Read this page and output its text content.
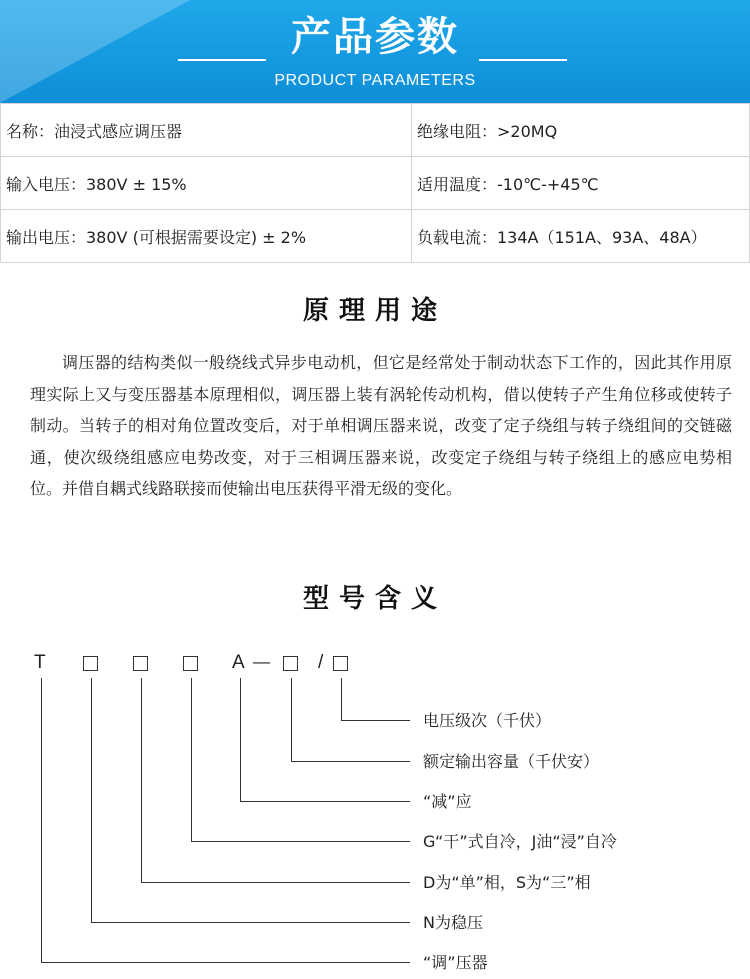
产品参数
PRODUCT PARAMETERS
名称：油浸式感应调压器	绝缘电阻：>20MQ
输入电压：380V ± 15%	适用温度：-10℃-+45℃
输出电压：380V (可根据需要设定) ± 2%	负载电流：134A（151A、93A、48A）
原理用途

调压器的结构类似一般绕线式异步电动机，但它是经常处于制动状态下工作的，因此其作用原理实际上又与变压器基本原理相似，调压器上装有涡轮传动机构，借以使转子产生角位移或使转子制动。当转子的相对角位置改变后，对于单相调压器来说，改变了定子绕组与转子绕组间的交链磁通，使次级绕组感应电势改变，对于三相调压器来说，改变定子绕组与转子绕组上的感应电势相位。并借自耦式线路联接而使输出电压获得平滑无级的变化。

型号含义
T	A —	/
电压级次（千伏）
额定输出容量（千伏安）
“减”应
G“干”式自冷，J油“浸”自冷
D为“单”相，S为“三”相
N为稳压
“调”压器
